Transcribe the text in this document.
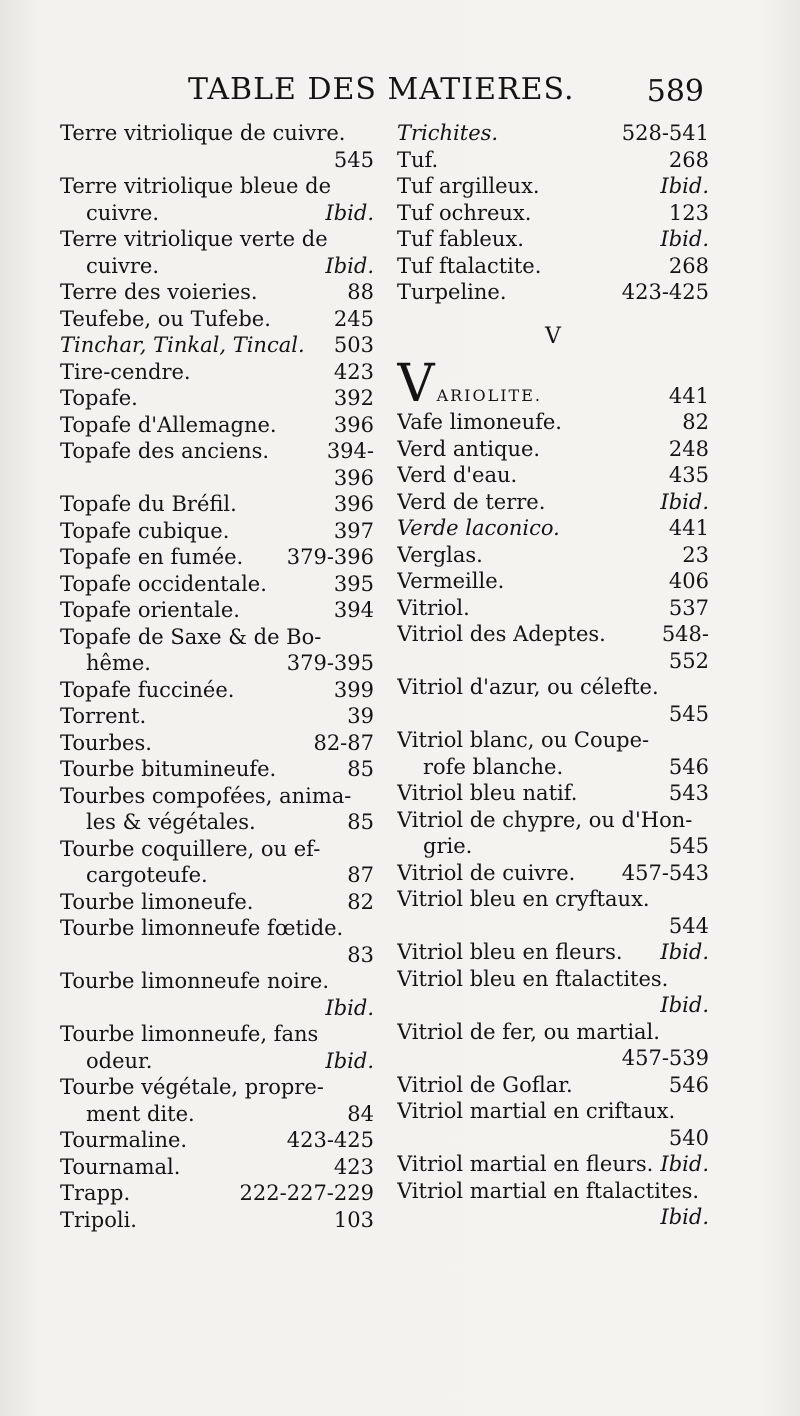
TABLE DES MATIERES. 589
Terre vitriolique de cuivre.
545
Terre vitriolique bleue de
cuivre.	Ibid.
Terre vitriolique verte de
cuivre.	Ibid.
Terre des voieries.	88
Teufebe, ou Tufebe.	245
Tinchar, Tinkal, Tincal. 503
Tire-cendre.	423
Topafe.	392
Topafe d'Allemagne.	396
Topafe des anciens.	394-
396
Topafe du Bréfil.	396
Topafe cubique.	397
Topafe en fumée. 379-396
Topafe occidentale.	395
Topafe orientale.	394
Topafe de Saxe & de Bo-
hême.	379-395
Topafe fuccinée.	399
Torrent.	39
Tourbes.	82-87
Tourbe bitumineufe.	85
Tourbes compofées, anima-
les & végétales.	85
Tourbe coquillere, ou ef-
cargoteufe.	87
Tourbe limoneufe.	82
Tourbe limonneufe fœtide.
83
Tourbe limonneufe noire.
Ibid.
Tourbe limonneufe, fans
odeur.	Ibid.
Tourbe végétale, propre-
ment dite.	84
Tourmaline.	423-425
Tournamal.	423
Trapp.	222-227-229
Tripoli.	103
Trichites.	528-541
Tuf.	268
Tuf argilleux.	Ibid.
Tuf ochreux.	123
Tuf fableux.	Ibid.
Tuf ftalactite.	268
Turpeline.	423-425
V
VARIOLITE.	441
Vafe limoneufe.	82
Verd antique.	248
Verd d'eau.	435
Verd de terre.	Ibid.
Verde laconico.	441
Verglas.	23
Vermeille.	406
Vitriol.	537
Vitriol des Adeptes.	548-
552
Vitriol d'azur, ou célefte.
545
Vitriol blanc, ou Coupe-
rofe blanche.	546
Vitriol bleu natif.	543
Vitriol de chypre, ou d'Hon-
grie.	545
Vitriol de cuivre. 457-543
Vitriol bleu en cryftaux.
544
Vitriol bleu en fleurs. Ibid.
Vitriol bleu en ftalactites.
Ibid.
Vitriol de fer, ou martial.
457-539
Vitriol de Goflar.	546
Vitriol martial en criftaux.
540
Vitriol martial en fleurs. Ibid.
Vitriol martial en ftalactites.
Ibid.
